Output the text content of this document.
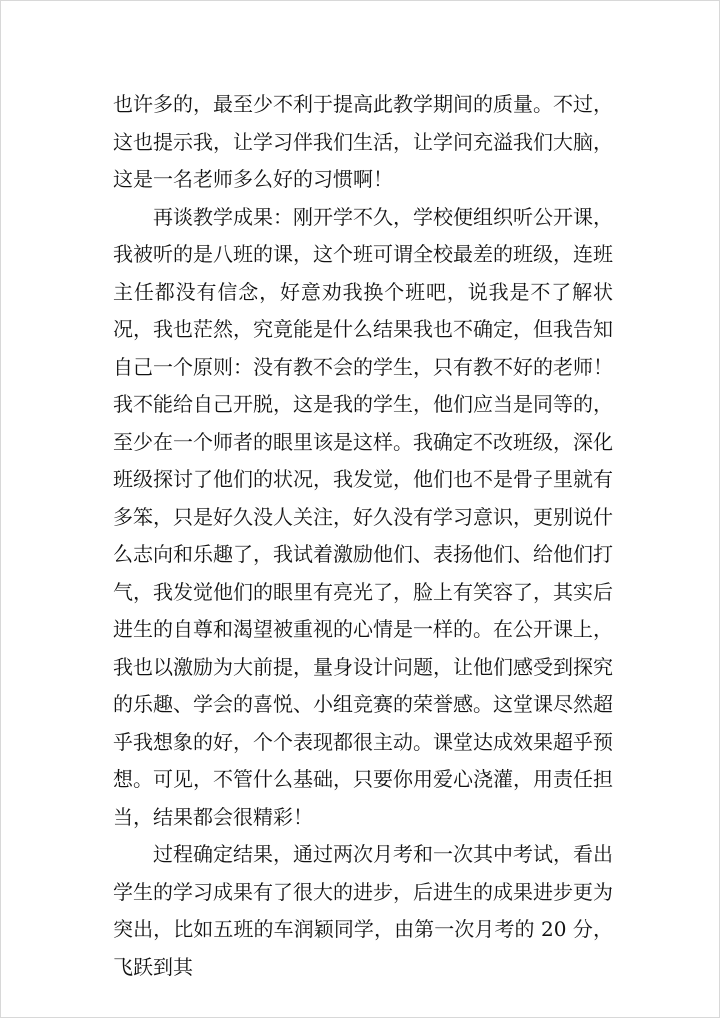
也许多的，最至少不利于提高此教学期间的质量。不过，这也提示我，让学习伴我们生活，让学问充溢我们大脑，这是一名老师多么好的习惯啊！

再谈教学成果：刚开学不久，学校便组织听公开课，我被听的是八班的课，这个班可谓全校最差的班级，连班主任都没有信念，好意劝我换个班吧，说我是不了解状况，我也茫然，究竟能是什么结果我也不确定，但我告知自己一个原则：没有教不会的学生，只有教不好的老师！我不能给自己开脱，这是我的学生，他们应当是同等的，至少在一个师者的眼里该是这样。我确定不改班级，深化班级探讨了他们的状况，我发觉，他们也不是骨子里就有多笨，只是好久没人关注，好久没有学习意识，更别说什么志向和乐趣了，我试着激励他们、表扬他们、给他们打气，我发觉他们的眼里有亮光了，脸上有笑容了，其实后进生的自尊和渴望被重视的心情是一样的。在公开课上，我也以激励为大前提，量身设计问题，让他们感受到探究的乐趣、学会的喜悦、小组竞赛的荣誉感。这堂课尽然超乎我想象的好，个个表现都很主动。课堂达成效果超乎预想。可见，不管什么基础，只要你用爱心浇灌，用责任担当，结果都会很精彩！

过程确定结果，通过两次月考和一次其中考试，看出学生的学习成果有了很大的进步，后进生的成果进步更为突出，比如五班的车润颖同学，由第一次月考的 20 分，飞跃到其
